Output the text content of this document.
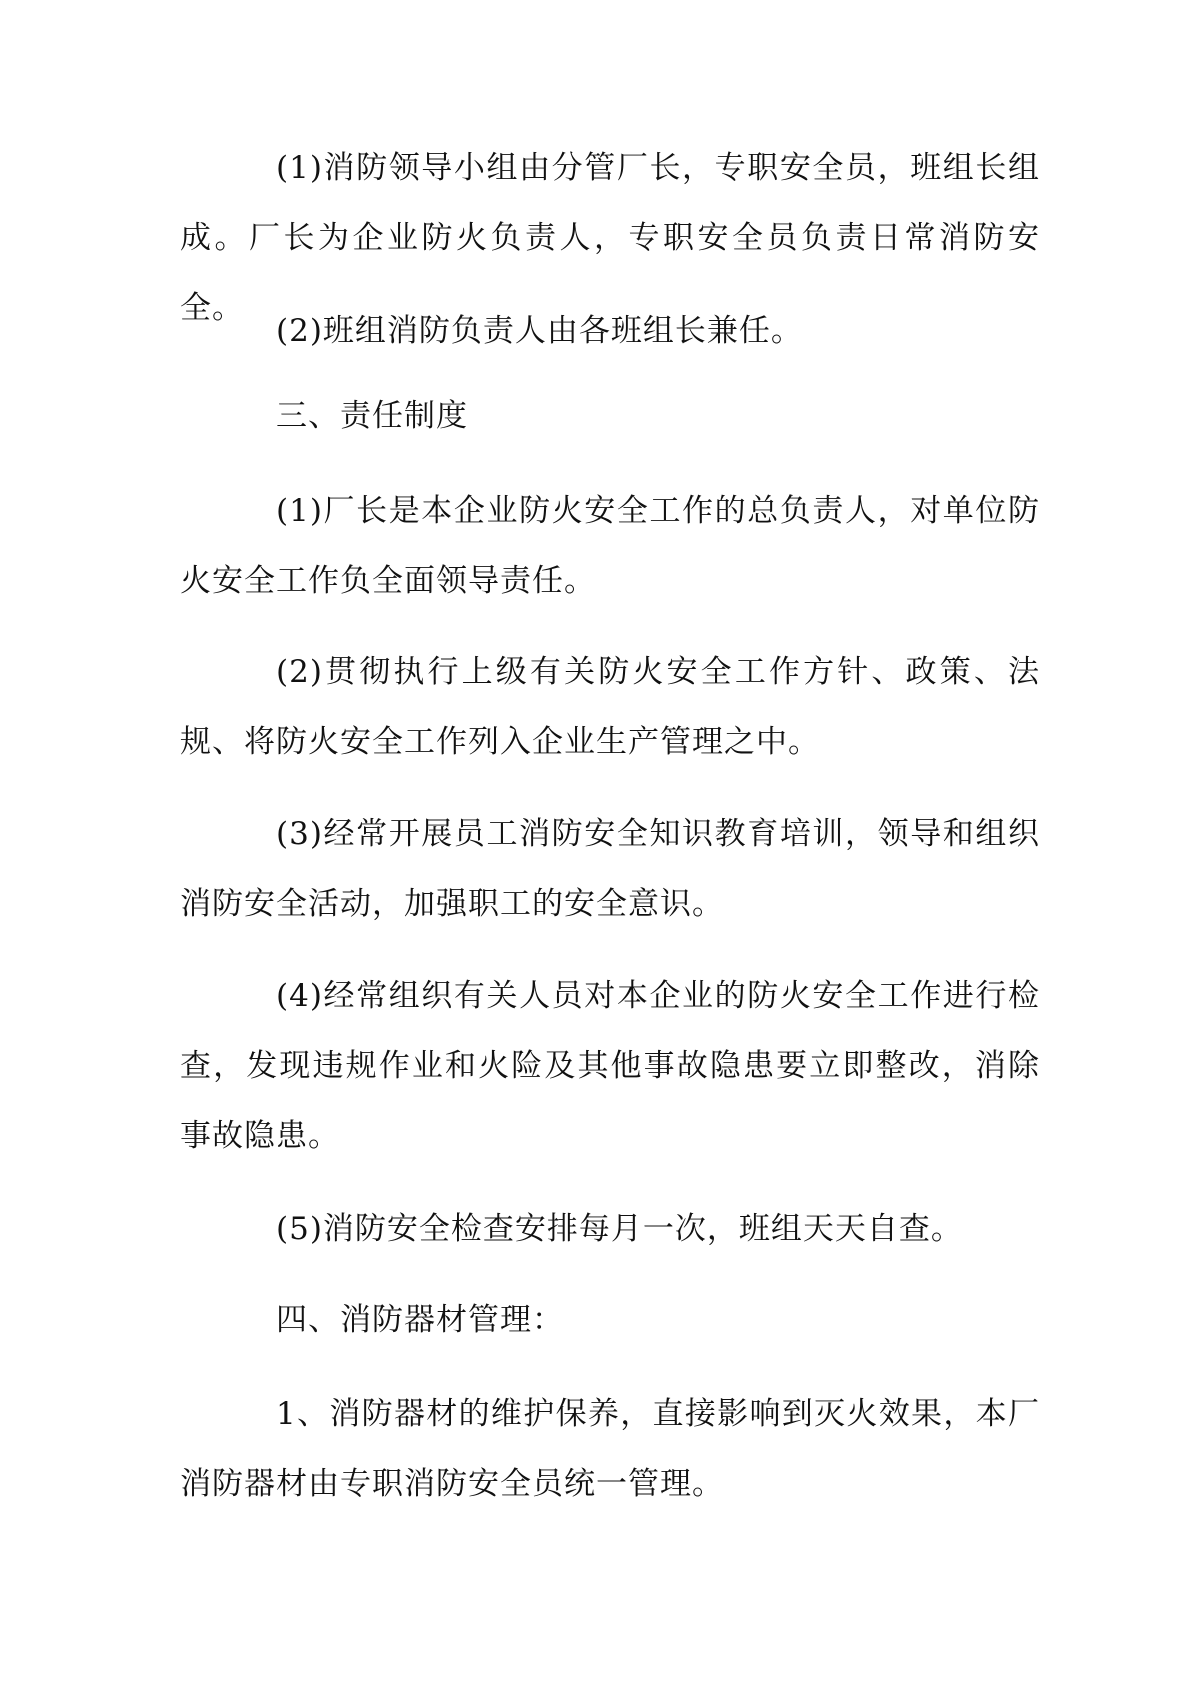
(1)消防领导小组由分管厂长，专职安全员，班组长组成。厂长为企业防火负责人，专职安全员负责日常消防安全。

(2)班组消防负责人由各班组长兼任。

三、责任制度

(1)厂长是本企业防火安全工作的总负责人，对单位防火安全工作负全面领导责任。

(2)贯彻执行上级有关防火安全工作方针、政策、法规、将防火安全工作列入企业生产管理之中。

(3)经常开展员工消防安全知识教育培训，领导和组织消防安全活动，加强职工的安全意识。

(4)经常组织有关人员对本企业的防火安全工作进行检查，发现违规作业和火险及其他事故隐患要立即整改，消除事故隐患。

(5)消防安全检查安排每月一次，班组天天自查。

四、消防器材管理：

1、消防器材的维护保养，直接影响到灭火效果，本厂消防器材由专职消防安全员统一管理。
